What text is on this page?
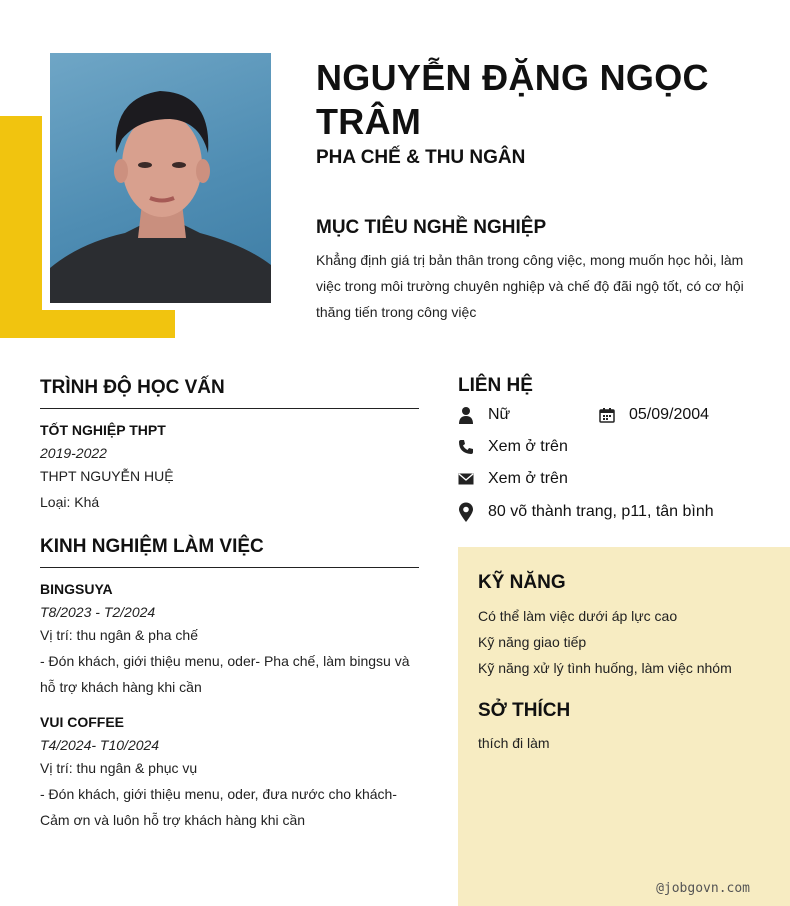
NGUYỄN ĐẶNG NGỌC TRÂM
PHA CHẾ & THU NGÂN
MỤC TIÊU NGHỀ NGHIỆP

Khẳng định giá trị bản thân trong công việc, mong muốn học hỏi, làm việc trong môi trường chuyên nghiệp và chế độ đãi ngộ tốt, có cơ hội thăng tiến trong công việc

TRÌNH ĐỘ HỌC VẤN
TỐT NGHIỆP THPT
2019-2022
THPT NGUYỄN HUỆ
Loại: Khá
KINH NGHIỆM LÀM VIỆC
BINGSUYA
T8/2023 - T2/2024
Vị trí: thu ngân & pha chế
- Đón khách, giới thiệu menu, oder- Pha chế, làm bingsu và hỗ trợ khách hàng khi cần
VUI COFFEE
T4/2024- T10/2024
Vị trí: thu ngân & phục vụ
- Đón khách, giới thiệu menu, oder, đưa nước cho khách- Cảm ơn và luôn hỗ trợ khách hàng khi cần
LIÊN HỆ
Nữ	05/09/2004
Xem ở trên
Xem ở trên
80 võ thành trang, p11, tân bình
KỸ NĂNG
Có thể làm việc dưới áp lực cao
Kỹ năng giao tiếp
Kỹ năng xử lý tình huống, làm việc nhóm
SỞ THÍCH
thích đi làm
@jobgovn.com
